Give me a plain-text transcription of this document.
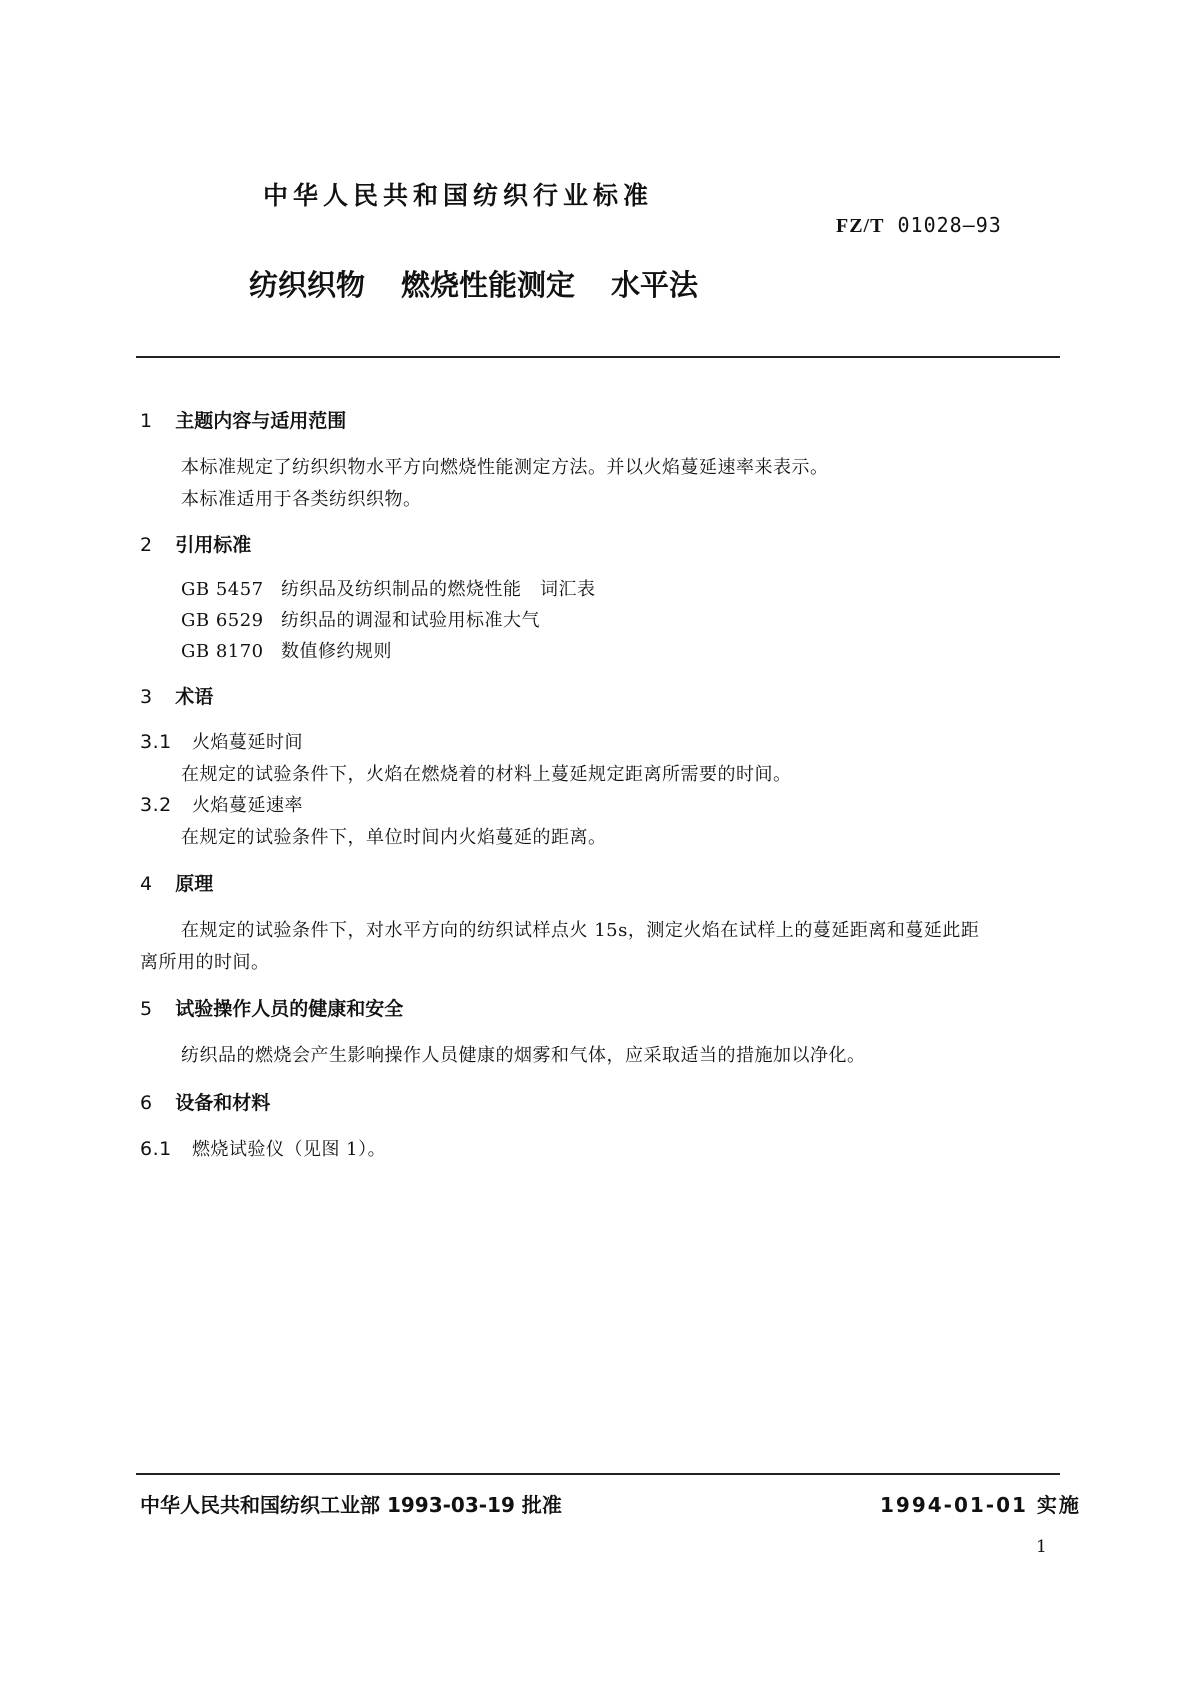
中华人民共和国纺织行业标准
FZ/T 01028—93
纺织织物 燃烧性能测定 水平法
1 主题内容与适用范围
本标准规定了纺织织物水平方向燃烧性能测定方法。并以火焰蔓延速率来表示。
本标准适用于各类纺织织物。
2 引用标准
GB 5457 纺织品及纺织制品的燃烧性能　词汇表
GB 6529 纺织品的调湿和试验用标准大气
GB 8170 数值修约规则
3 术语
3.1 火焰蔓延时间
在规定的试验条件下，火焰在燃烧着的材料上蔓延规定距离所需要的时间。
3.2 火焰蔓延速率
在规定的试验条件下，单位时间内火焰蔓延的距离。
4 原理
在规定的试验条件下，对水平方向的纺织试样点火 15s，测定火焰在试样上的蔓延距离和蔓延此距
离所用的时间。
5 试验操作人员的健康和安全
纺织品的燃烧会产生影响操作人员健康的烟雾和气体，应采取适当的措施加以净化。
6 设备和材料
6.1 燃烧试验仪（见图 1）。
中华人民共和国纺织工业部 1993-03-19 批准	1994-01-01 实施
1
